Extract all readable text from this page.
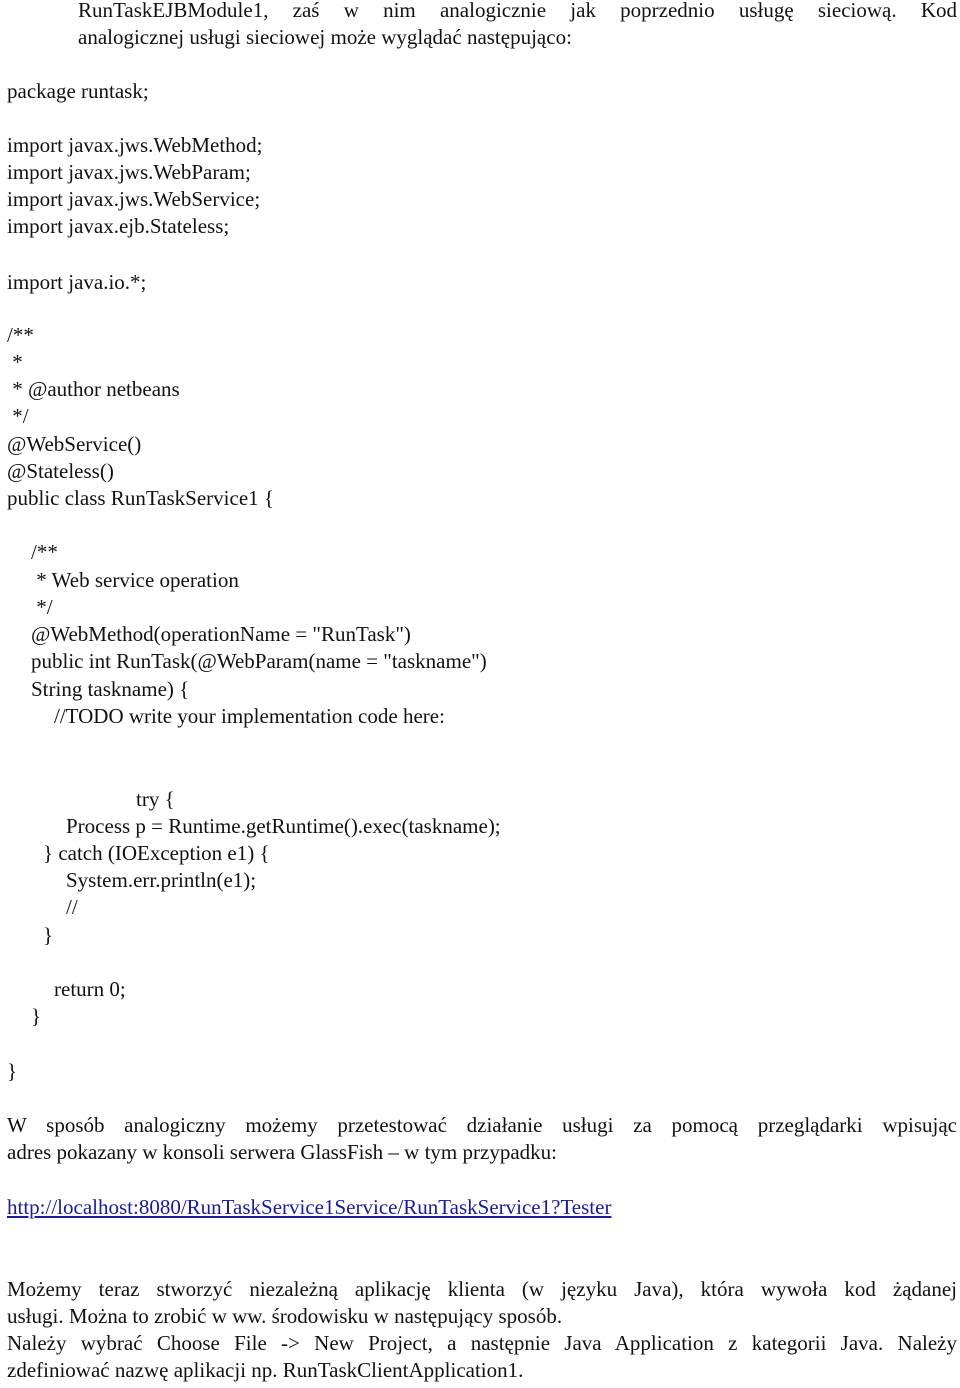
RunTaskEJBModule1, zaś w nim analogicznie jak poprzednio usługę sieciową. Kod
analogicznej usługi sieciowej może wyglądać następująco:
package runtask;
import javax.jws.WebMethod;
import javax.jws.WebParam;
import javax.jws.WebService;
import javax.ejb.Stateless;
import java.io.*;
/**
*
* @author netbeans
*/
@WebService()
@Stateless()
public class RunTaskService1 {
/**
* Web service operation
*/
@WebMethod(operationName = "RunTask")
public int RunTask(@WebParam(name = "taskname")
String taskname) {
//TODO write your implementation code here:
try {
Process p = Runtime.getRuntime().exec(taskname);
} catch (IOException e1) {
System.err.println(e1);
//
}
return 0;
}
}
W sposób analogiczny możemy przetestować działanie usługi za pomocą przeglądarki wpisując
adres pokazany w konsoli serwera GlassFish – w tym przypadku:
http://localhost:8080/RunTaskService1Service/RunTaskService1?Tester
Możemy teraz stworzyć niezależną aplikację klienta (w języku Java), która wywoła kod żądanej
usługi. Można to zrobić w ww. środowisku w następujący sposób.
Należy wybrać Choose File -> New Project, a następnie Java Application z kategorii Java. Należy
zdefiniować nazwę aplikacji np. RunTaskClientApplication1.
